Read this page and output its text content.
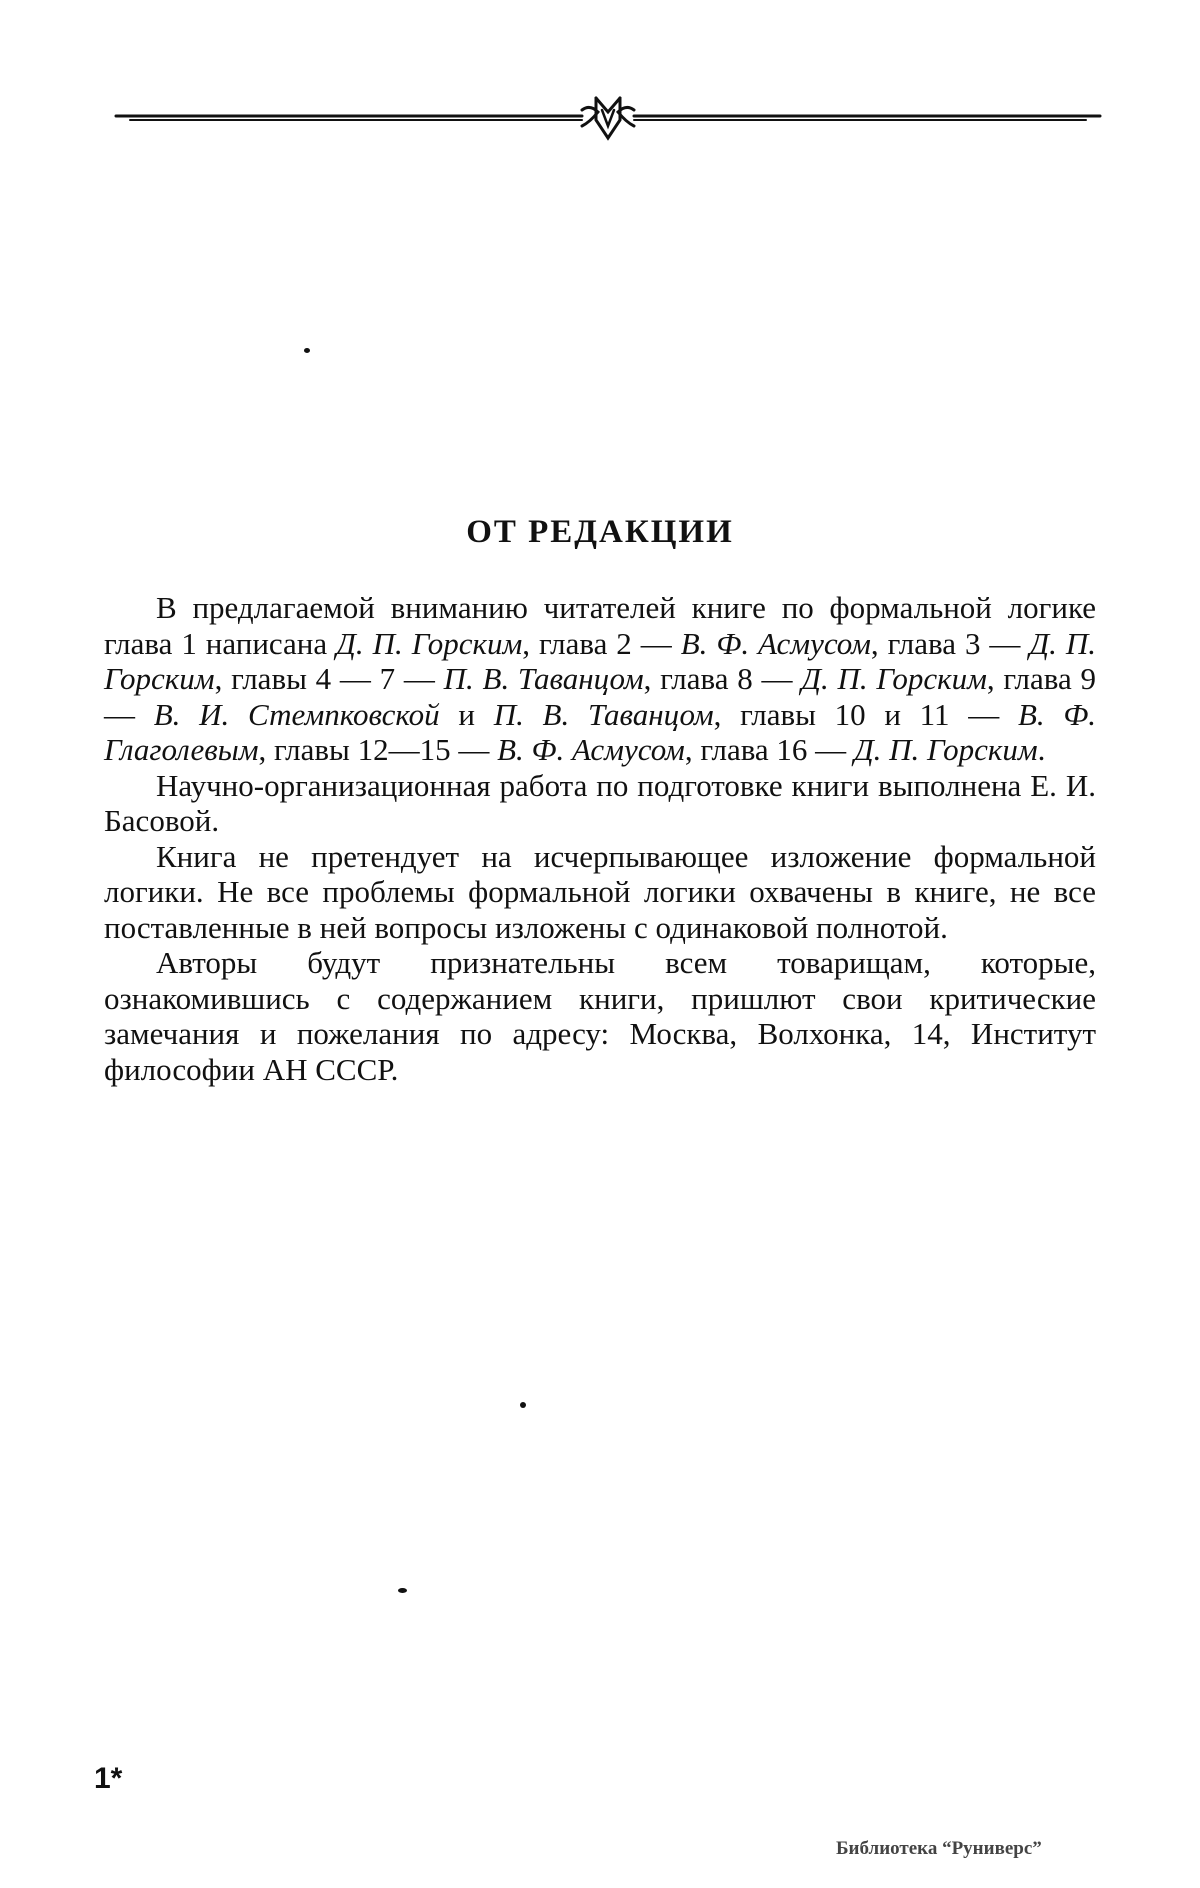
ОТ РЕДАКЦИИ

В предлагаемой вниманию читателей книге по формальной логике глава 1 написана Д. П. Горским, глава 2 — В. Ф. Асмусом, глава 3 — Д. П. Горским, главы 4 — 7 — П. В. Таванцом, глава 8 — Д. П. Горским, глава 9 — В. И. Стемпковской и П. В. Таванцом, главы 10 и 11 — В. Ф. Глаголевым, главы 12—15 — В. Ф. Асмусом, глава 16 — Д. П. Горским.

Научно-организационная работа по подготовке книги выполнена Е. И. Басовой.

Книга не претендует на исчерпывающее изложение формальной логики. Не все проблемы формальной логики охвачены в книге, не все поставленные в ней вопросы изложены с одинаковой полнотой.

Авторы будут признательны всем товарищам, которые, ознакомившись с содержанием книги, пришлют свои критические замечания и пожелания по адресу: Москва, Волхонка, 14, Институт философии АН СССР.

1*
Библиотека “Руниверс”
